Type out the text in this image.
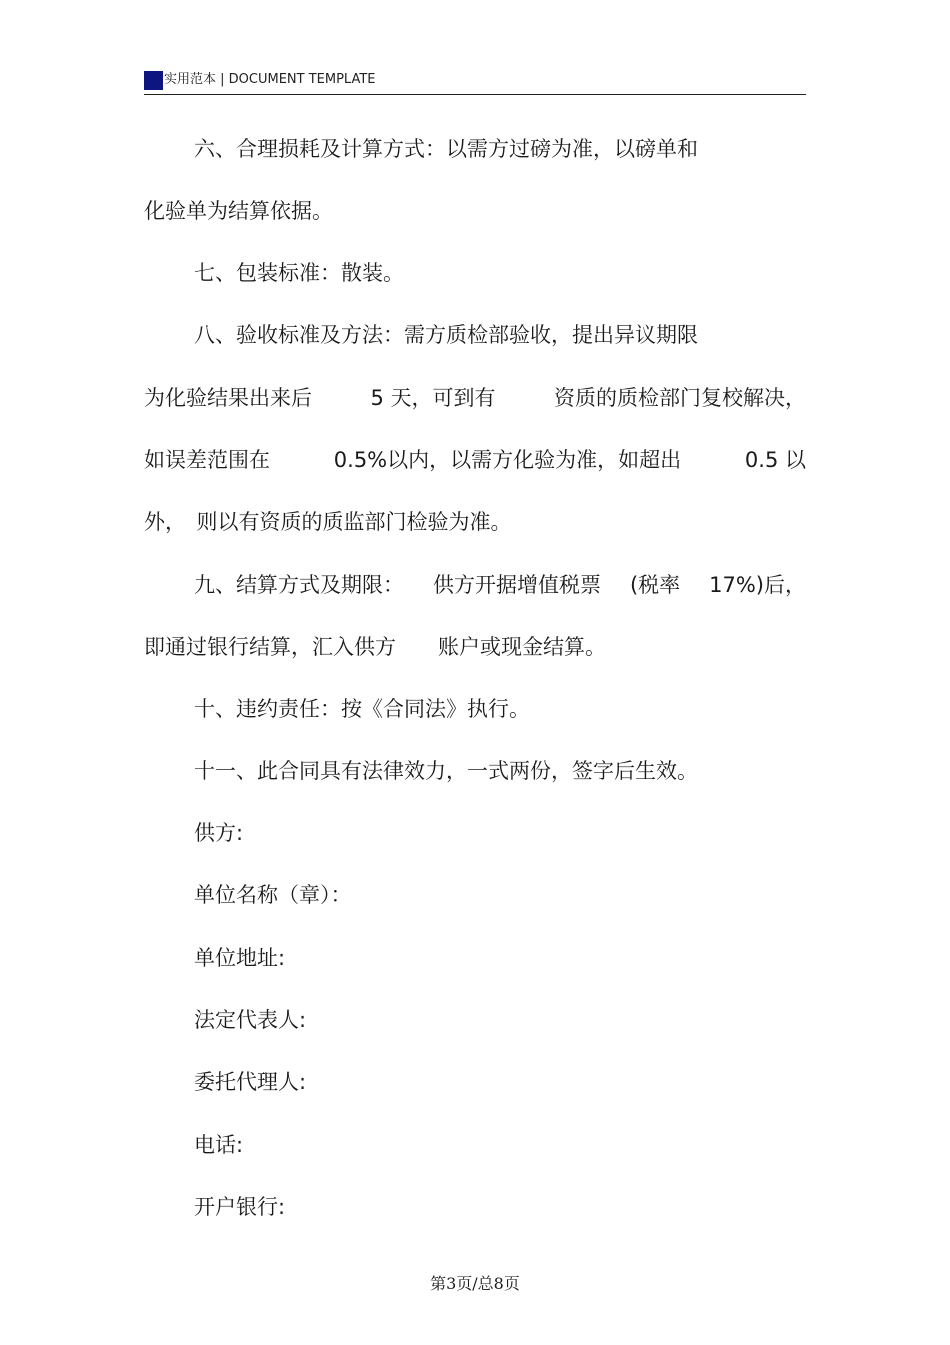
实用范本 | DOCUMENT TEMPLATE
六、合理损耗及计算方式：以需方过磅为准，以磅单和
化验单为结算依据。
七、包装标准：散装。
八、验收标准及方法：需方质检部验收，提出异议期限
为化验结果出来后	5 天，可到有	资质的质检部门复校解决，
如误差范围在	0.5%以内，以需方化验为准，如超出	0.5 以
外，　则以有资质的质监部门检验为准。
九、结算方式及期限： 供方开据增值税票 (税率 17%)后，
即通过银行结算，汇入供方　　账户或现金结算。
十、违约责任：按《合同法》执行。
十一、此合同具有法律效力，一式两份，签字后生效。
供方:
单位名称（章）：
单位地址:
法定代表人:
委托代理人:
电话:
开户银行:
第3页/总8页
